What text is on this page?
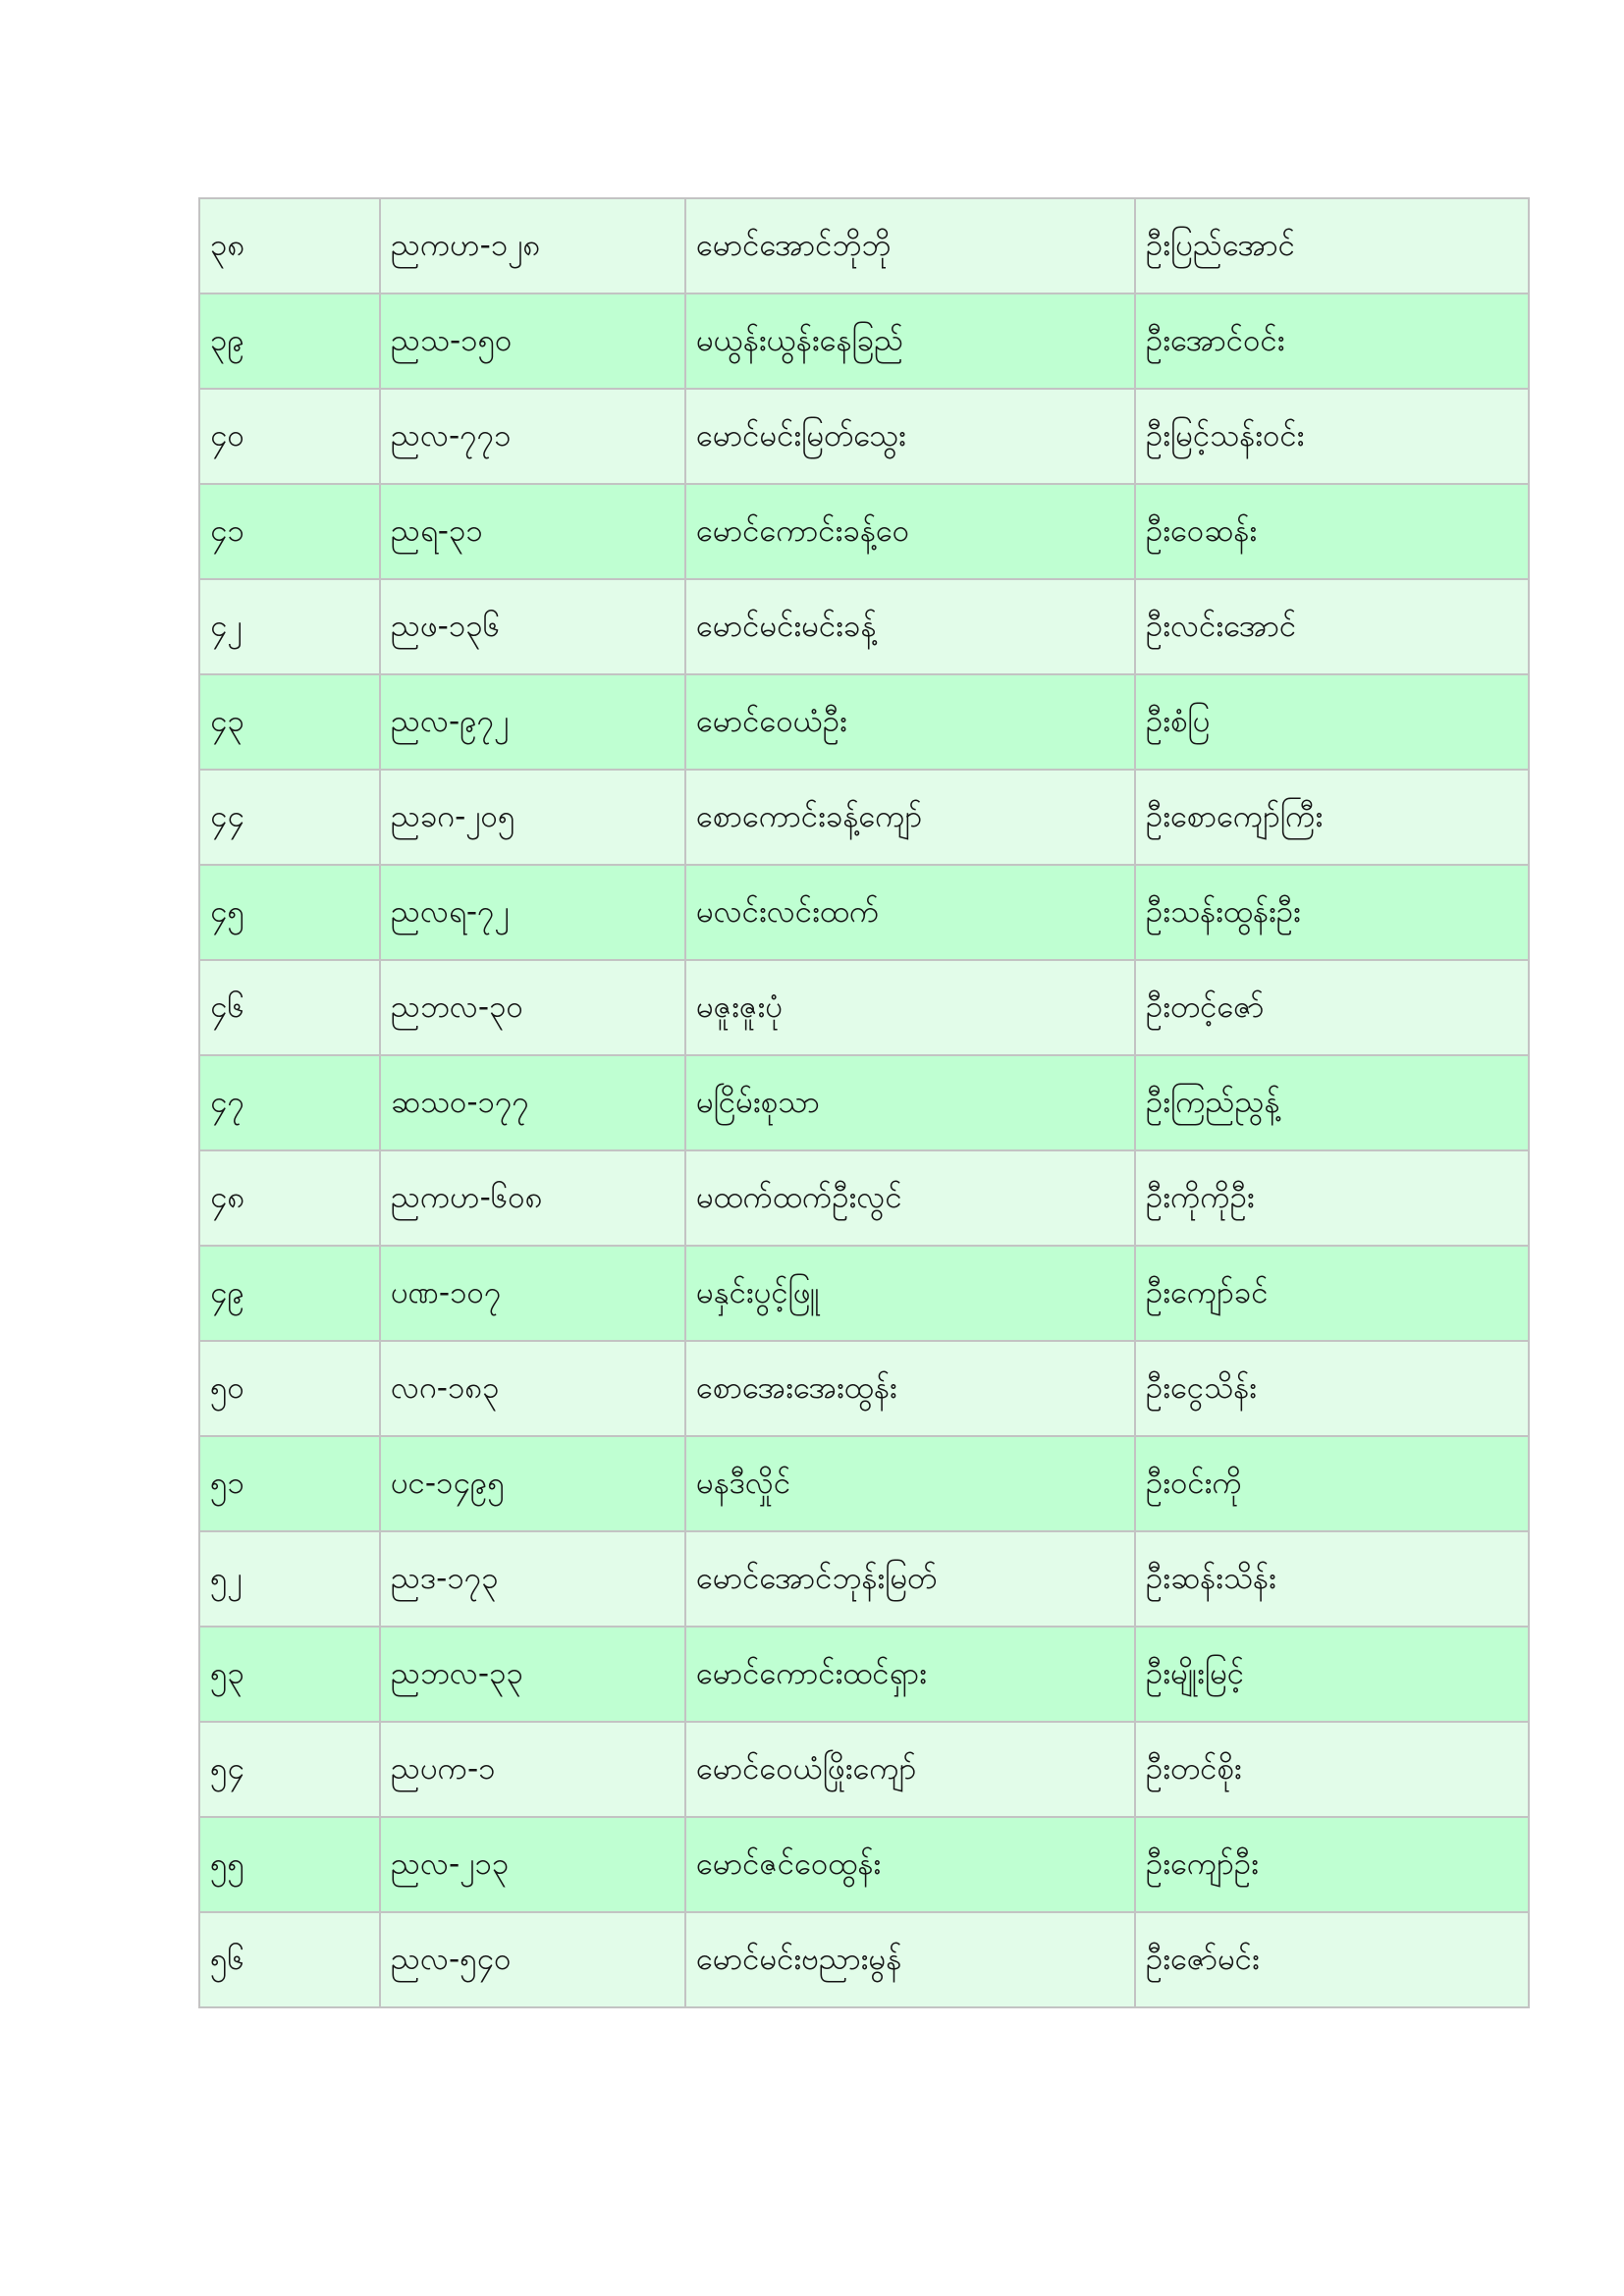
၃၈	ညကဟ-၁၂၈	မောင်အောင်ဘိုဘို	ဦးပြည်အောင်
၃၉	ညသ-၁၅၀	မယွန်းယွန်းနေခြည်	ဦးအောင်ဝင်း
၄၀	ညလ-၇၇၁	မောင်မင်းမြတ်သွေး	ဦးမြင့်သန်းဝင်း
၄၁	ညရ-၃၁	မောင်ကောင်းခန့်ဝေ	ဦးဝေဆန်း
၄၂	ညဖ-၁၃၆	မောင်မင်းမင်းခန့်	ဦးလင်းအောင်
၄၃	ညလ-၉၇၂	မောင်ဝေယံဦး	ဦးစံပြ
၄၄	ညခဂ-၂၀၅	စောကောင်းခန့်ကျော်	ဦးစောကျော်ကြီး
၄၅	ညလရ-၇၂	မလင်းလင်းထက်	ဦးသန်းထွန်းဦး
၄၆	ညဘလ-၃၀	မဇူးဇူးပုံ	ဦးတင့်ဇော်
၄၇	ဆသဝ-၁၇၇	မငြိမ်းစုသာ	ဦးကြည်ညွန့်
၄၈	ညကဟ-၆၀၈	မထက်ထက်ဦးလွင်	ဦးကိုကိုဦး
၄၉	ပဏ-၁၀၇	မနှင်းပွင့်ဖြူ	ဦးကျော်ခင်
၅၀	လဂ-၁၈၃	စောအေးအေးထွန်း	ဦးငွေသိန်း
၅၁	ပင-၁၄၉၅	မနဒီလှိုင်	ဦးဝင်းကို
၅၂	ညဒ-၁၇၃	မောင်အောင်ဘုန်းမြတ်	ဦးဆန်းသိန်း
၅၃	ညဘလ-၃၃	မောင်ကောင်းထင်ရှား	ဦးမျိုးမြင့်
၅၄	ညပက-၁	မောင်ဝေယံဖြိုးကျော်	ဦးတင်စိုး
၅၅	ညလ-၂၁၃	မောင်ဇင်ဝေထွန်း	ဦးကျော်ဦး
၅၆	ညလ-၅၄၀	မောင်မင်းဗညားမွန်	ဦးဇော်မင်း
